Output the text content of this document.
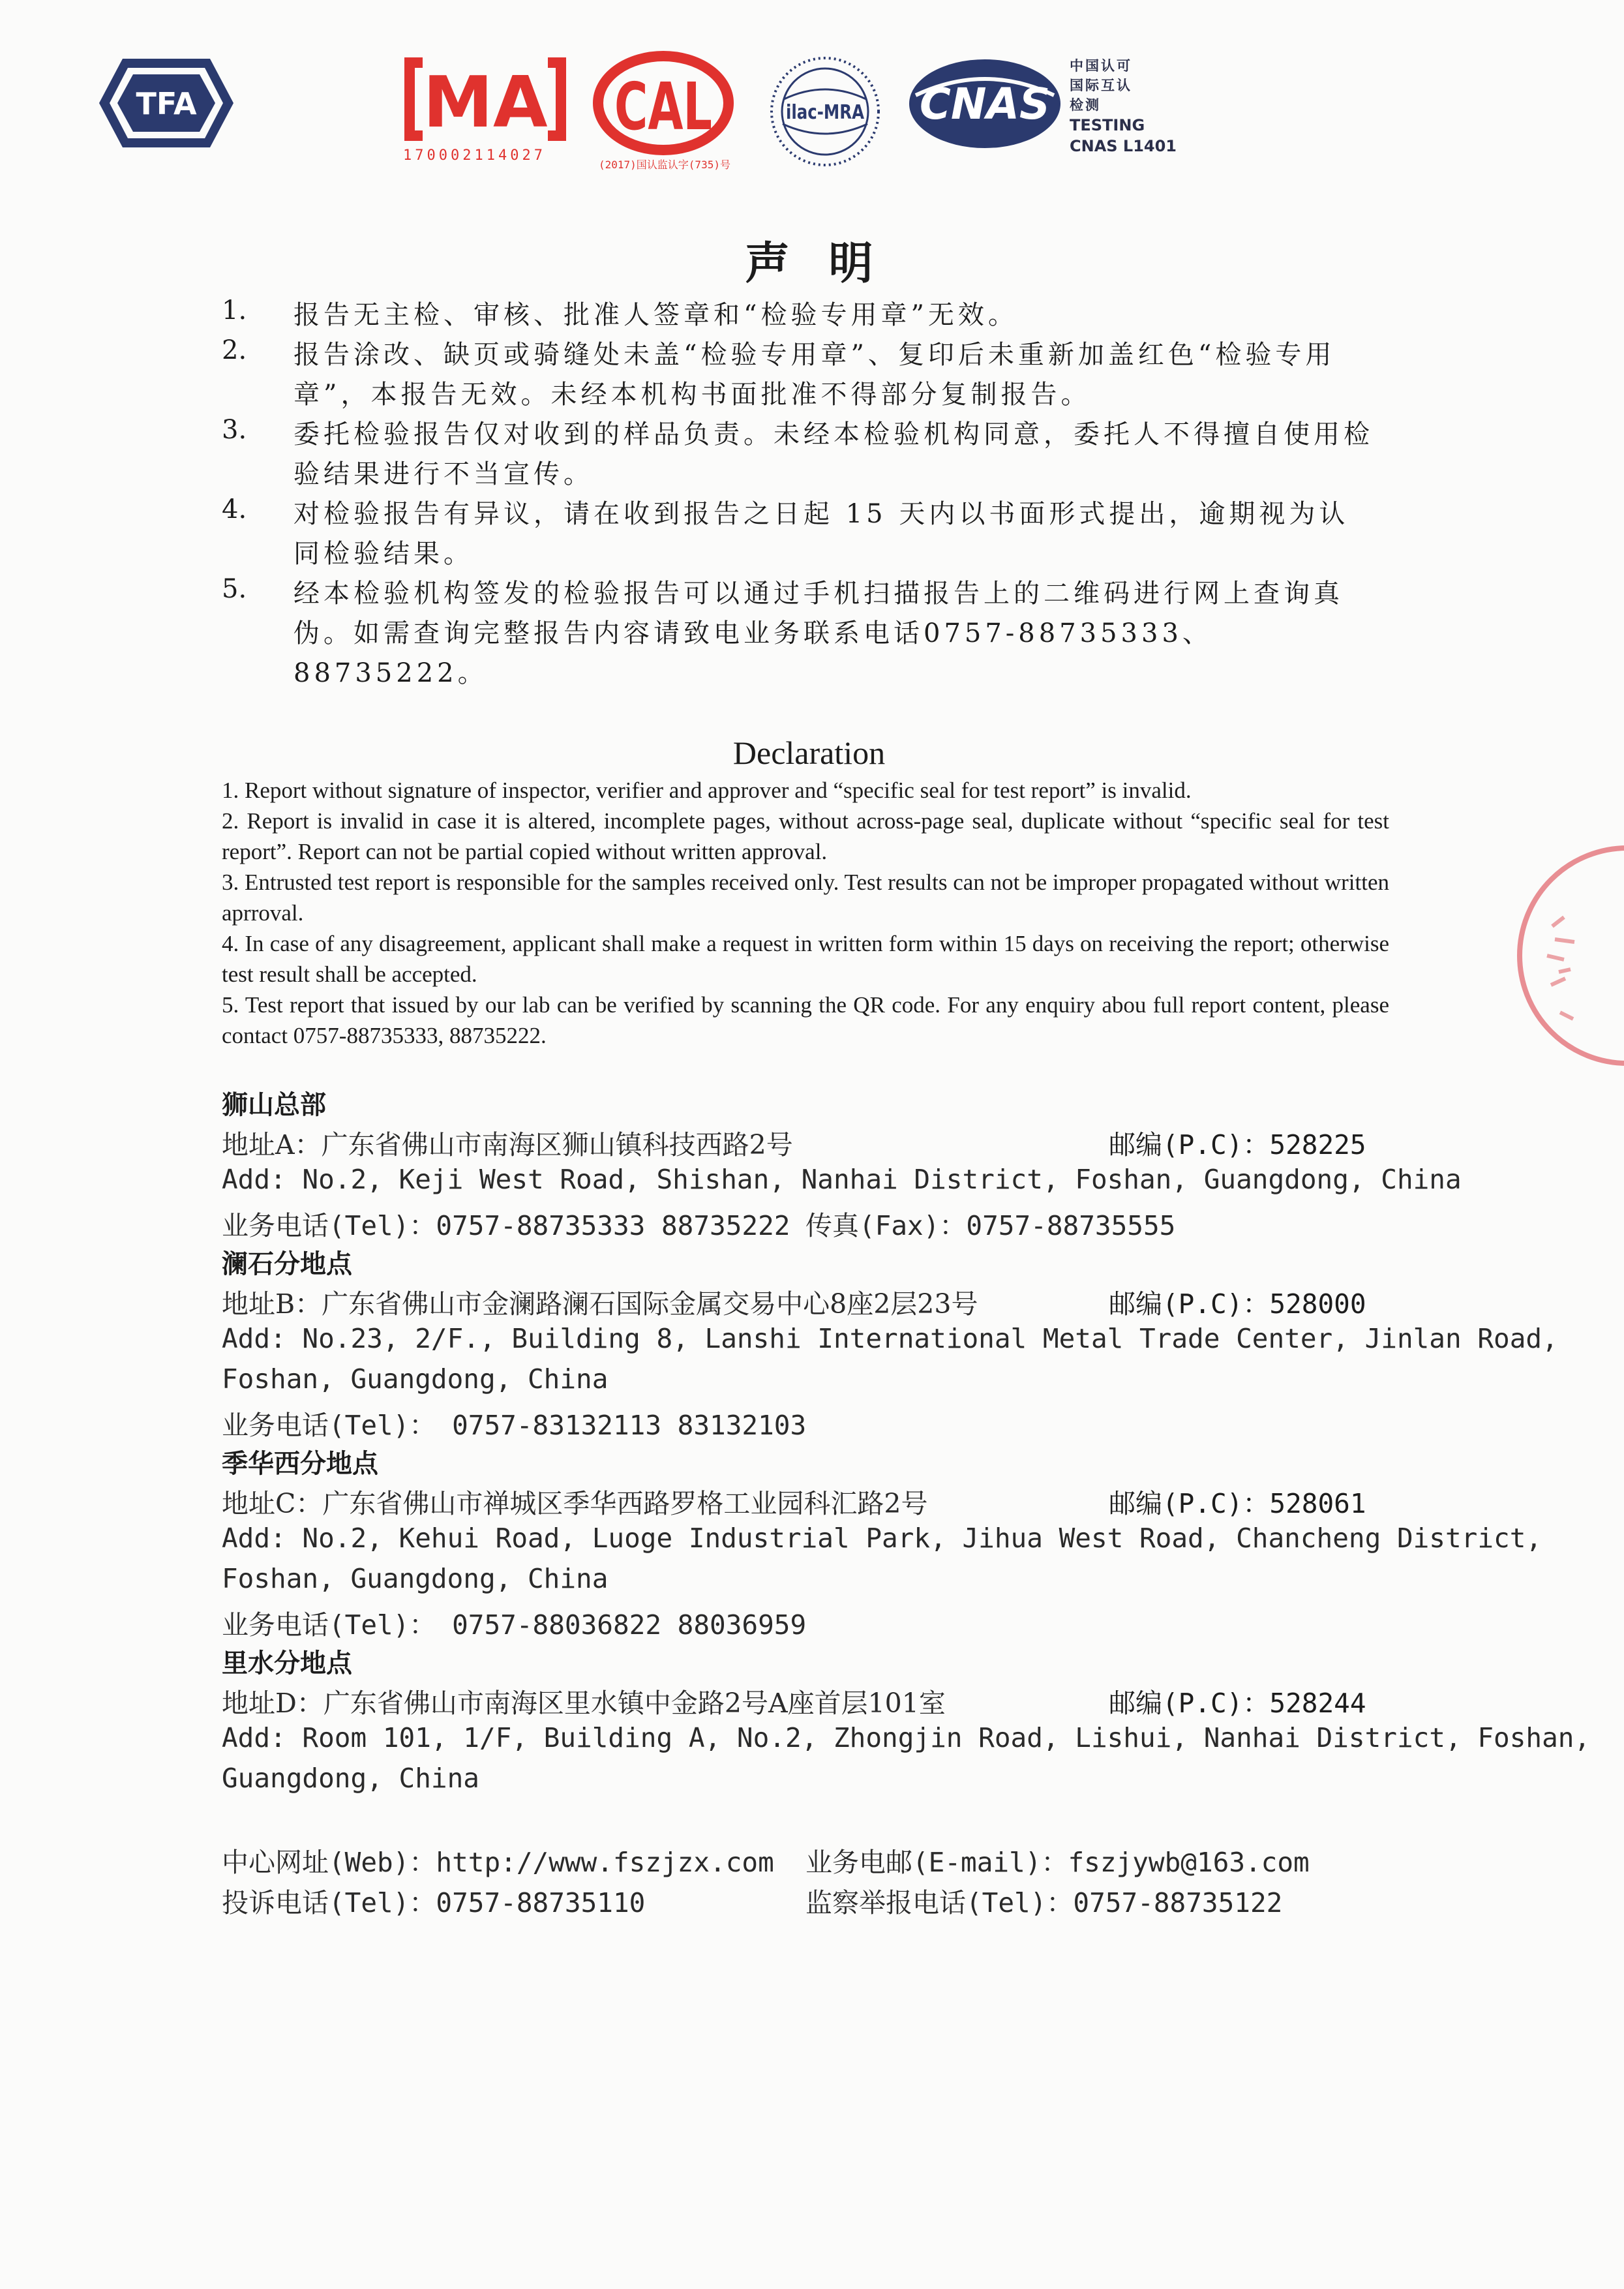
TFA	MA
170002114027
CAL
(2017)国认监认字(735)号
ilac-MRA CNAS
中国认可
国际互认
检测
TESTING
CNAS L1401
声明
1. 报告无主检、审核、批准人签章和“检验专用章”无效。
2. 报告涂改、缺页或骑缝处未盖“检验专用章”、复印后未重新加盖红色“检验专用章”，本报告无效。未经本机构书面批准不得部分复制报告。
3. 委托检验报告仅对收到的样品负责。未经本检验机构同意，委托人不得擅自使用检验结果进行不当宣传。
4. 对检验报告有异议，请在收到报告之日起 15 天内以书面形式提出，逾期视为认同检验结果。
5. 经本检验机构签发的检验报告可以通过手机扫描报告上的二维码进行网上查询真伪。如需查询完整报告内容请致电业务联系电话0757-88735333、88735222。
Declaration

1. Report without signature of inspector, verifier and approver and “specific seal for test report” is invalid.

2. Report is invalid in case it is altered, incomplete pages, without across-page seal, duplicate without “specific seal for test report”. Report can not be partial copied without written approval.

3. Entrusted test report is responsible for the samples received only. Test results can not be improper propagated without written aprroval.

4. In case of any disagreement, applicant shall make a request in written form within 15 days on receiving the report; otherwise test result shall be accepted.

5. Test report that issued by our lab can be verified by scanning the QR code. For any enquiry abou full report content, please contact 0757-88735333, 88735222.

狮山总部
地址A：广东省佛山市南海区狮山镇科技西路2号	邮编(P.C)：528225
Add: No.2, Keji West Road, Shishan, Nanhai District, Foshan, Guangdong, China
业务电话(Tel)：0757-88735333 88735222 传真(Fax)：0757-88735555
澜石分地点
地址B：广东省佛山市金澜路澜石国际金属交易中心8座2层23号	邮编(P.C)：528000
Add: No.23, 2/F., Building 8, Lanshi International Metal Trade Center, Jinlan Road,
Foshan, Guangdong, China
业务电话(Tel)： 0757-83132113 83132103
季华西分地点
地址C：广东省佛山市禅城区季华西路罗格工业园科汇路2号	邮编(P.C)：528061
Add: No.2, Kehui Road, Luoge Industrial Park, Jihua West Road, Chancheng District,
Foshan, Guangdong, China
业务电话(Tel)： 0757-88036822 88036959
里水分地点
地址D：广东省佛山市南海区里水镇中金路2号A座首层101室	邮编(P.C)：528244
Add: Room 101, 1/F, Building A, No.2, Zhongjin Road, Lishui, Nanhai District, Foshan,
Guangdong, China
中心网址(Web)：http://www.fszjzx.com 业务电邮(E-mail)：fszjywb@163.com
投诉电话(Tel)：0757-88735110	监察举报电话(Tel)：0757-88735122
